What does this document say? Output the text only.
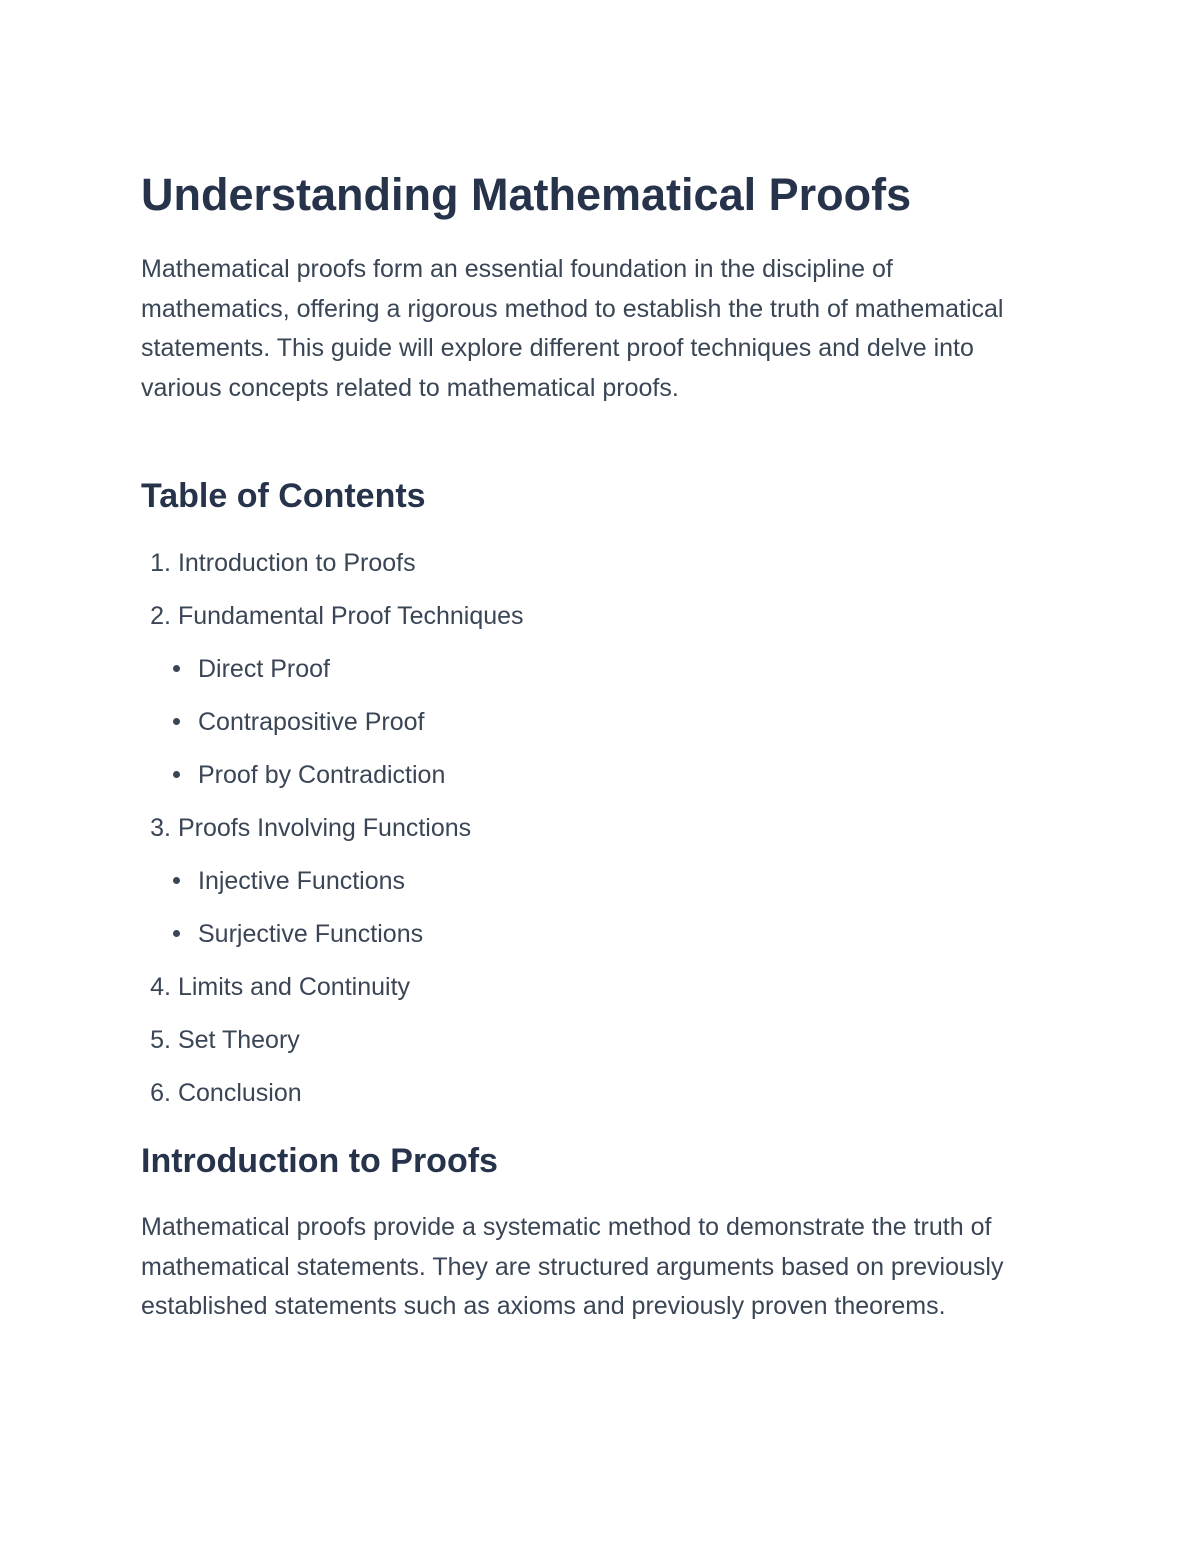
Understanding Mathematical Proofs

Mathematical proofs form an essential foundation in the discipline of mathematics, offering a rigorous method to establish the truth of mathematical statements. This guide will explore different proof techniques and delve into various concepts related to mathematical proofs.

Table of Contents
1. Introduction to Proofs
2. Fundamental Proof Techniques
Direct Proof
Contrapositive Proof
Proof by Contradiction
3. Proofs Involving Functions
Injective Functions
Surjective Functions
4. Limits and Continuity
5. Set Theory
6. Conclusion
Introduction to Proofs

Mathematical proofs provide a systematic method to demonstrate the truth of mathematical statements. They are structured arguments based on previously established statements such as axioms and previously proven theorems.
